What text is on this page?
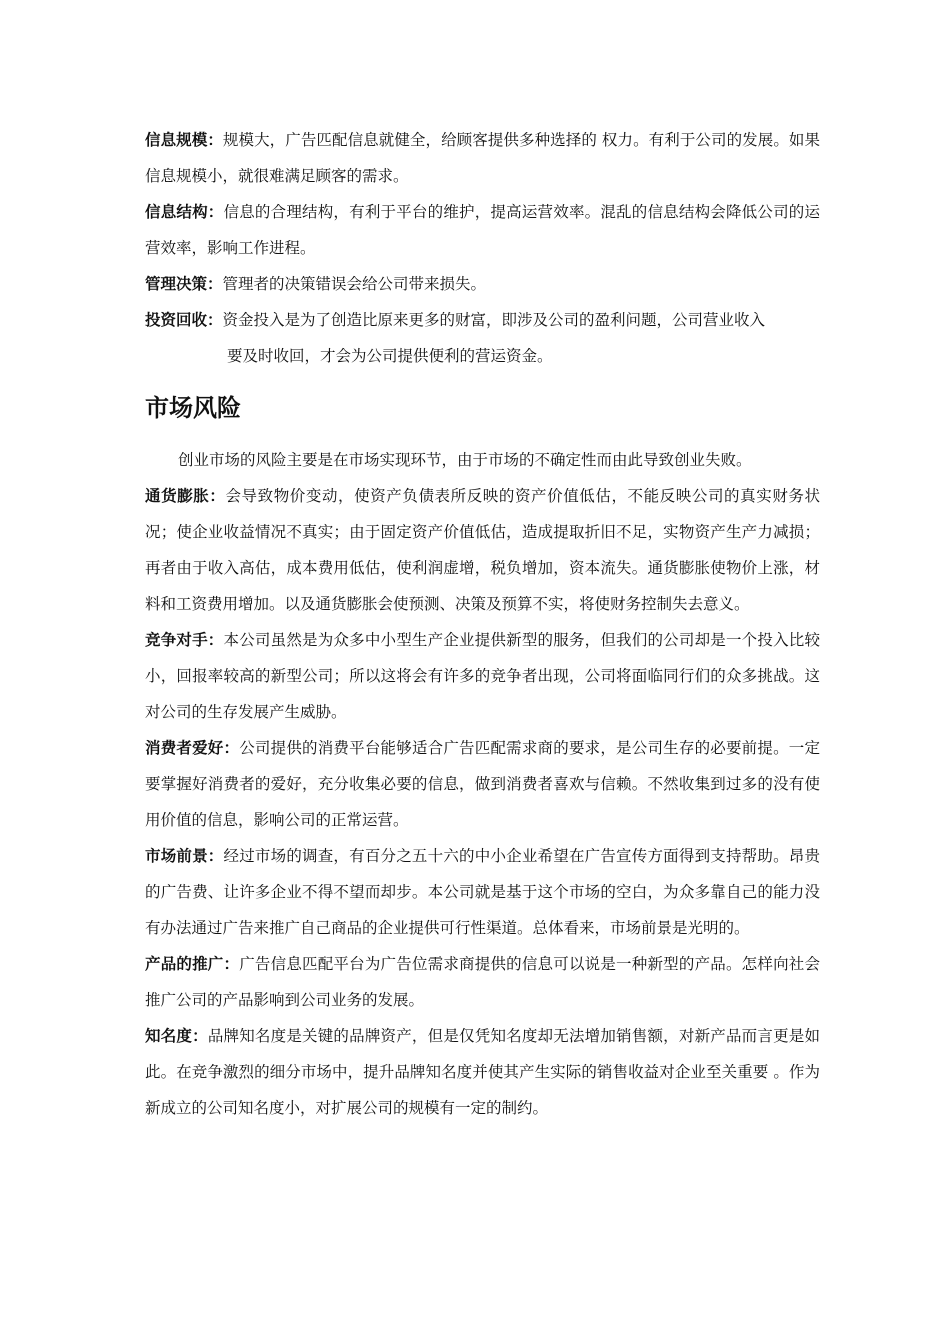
信息规模：规模大，广告匹配信息就健全，给顾客提供多种选择的 权力。有利于公司的发展。如果信息规模小，就很难满足顾客的需求。

信息结构：信息的合理结构，有利于平台的维护，提高运营效率。混乱的信息结构会降低公司的运营效率，影响工作进程。

管理决策：管理者的决策错误会给公司带来损失。

投资回收：资金投入是为了创造比原来更多的财富，即涉及公司的盈利问题，公司营业收入

要及时收回，才会为公司提供便利的营运资金。

市场风险

创业市场的风险主要是在市场实现环节，由于市场的不确定性而由此导致创业失败。

通货膨胀：会导致物价变动，使资产负债表所反映的资产价值低估，不能反映公司的真实财务状况；使企业收益情况不真实；由于固定资产价值低估，造成提取折旧不足，实物资产生产力减损；再者由于收入高估，成本费用低估，使利润虚增，税负增加，资本流失。通货膨胀使物价上涨，材料和工资费用增加。以及通货膨胀会使预测、决策及预算不实，将使财务控制失去意义。

竞争对手：本公司虽然是为众多中小型生产企业提供新型的服务，但我们的公司却是一个投入比较小，回报率较高的新型公司；所以这将会有许多的竞争者出现，公司将面临同行们的众多挑战。这对公司的生存发展产生威胁。

消费者爱好：公司提供的消费平台能够适合广告匹配需求商的要求，是公司生存的必要前提。一定要掌握好消费者的爱好，充分收集必要的信息，做到消费者喜欢与信赖。不然收集到过多的没有使用价值的信息，影响公司的正常运营。

市场前景：经过市场的调查，有百分之五十六的中小企业希望在广告宣传方面得到支持帮助。昂贵的广告费、让许多企业不得不望而却步。本公司就是基于这个市场的空白，为众多靠自己的能力没有办法通过广告来推广自己商品的企业提供可行性渠道。总体看来，市场前景是光明的。

产品的推广：广告信息匹配平台为广告位需求商提供的信息可以说是一种新型的产品。怎样向社会推广公司的产品影响到公司业务的发展。

知名度：品牌知名度是关键的品牌资产，但是仅凭知名度却无法增加销售额，对新产品而言更是如此。在竞争激烈的细分市场中，提升品牌知名度并使其产生实际的销售收益对企业至关重要 。作为新成立的公司知名度小，对扩展公司的规模有一定的制约。
